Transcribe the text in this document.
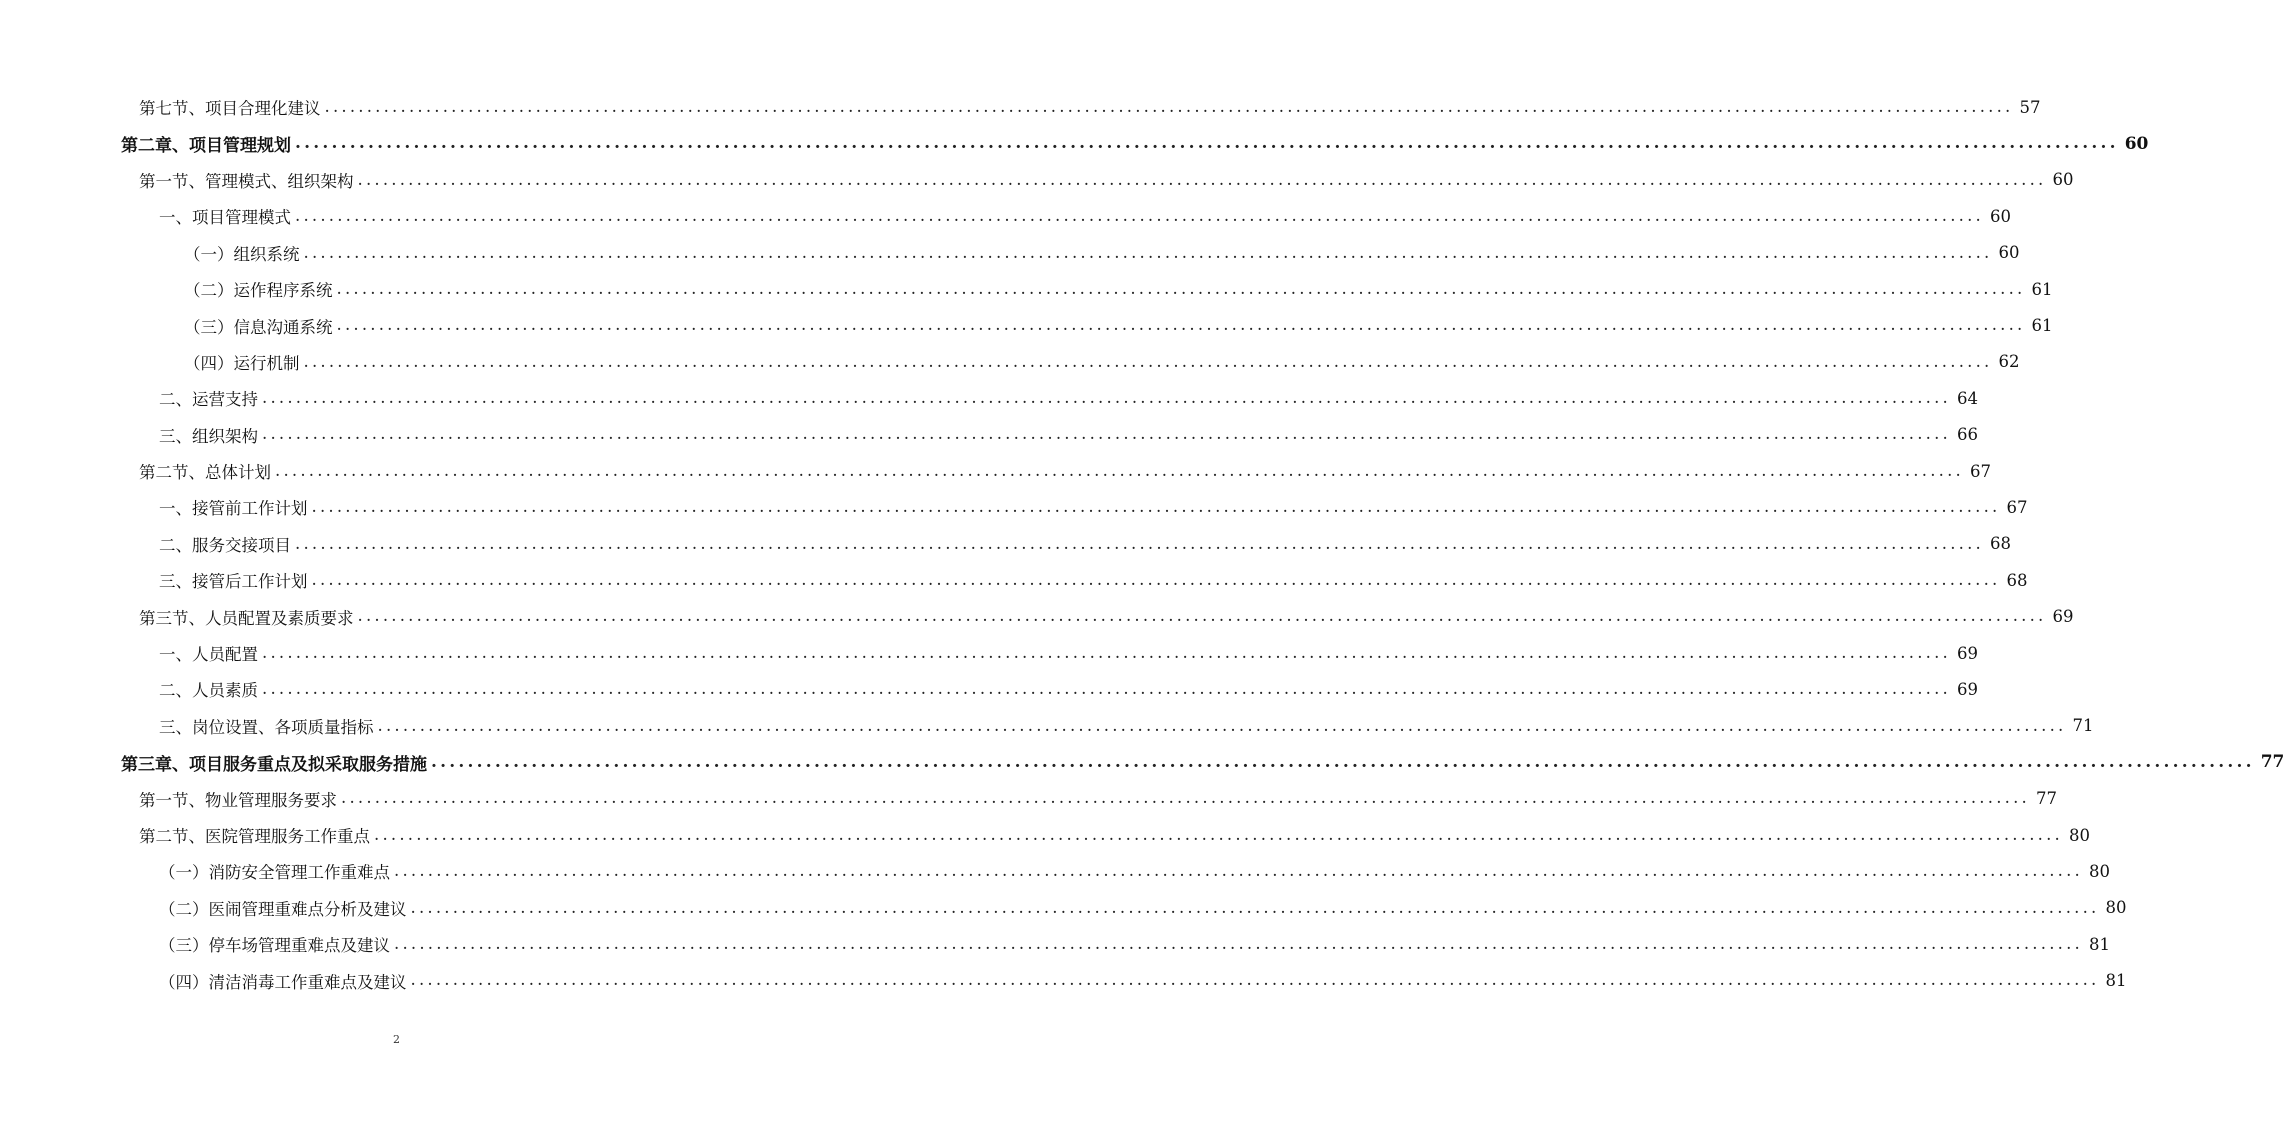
第七节、项目合理化建议 ........................................................................................................................................................................................................ 57
第二章、项目管理规划 ........................................................................................................................................................................................................ 60
第一节、管理模式、组织架构 ........................................................................................................................................................................................................ 60
一、项目管理模式 ........................................................................................................................................................................................................ 60
（一）组织系统 ........................................................................................................................................................................................................ 60
（二）运作程序系统 ........................................................................................................................................................................................................ 61
（三）信息沟通系统 ........................................................................................................................................................................................................ 61
（四）运行机制 ........................................................................................................................................................................................................ 62
二、运营支持 ........................................................................................................................................................................................................ 64
三、组织架构 ........................................................................................................................................................................................................ 66
第二节、总体计划 ........................................................................................................................................................................................................ 67
一、接管前工作计划 ........................................................................................................................................................................................................ 67
二、服务交接项目 ........................................................................................................................................................................................................ 68
三、接管后工作计划 ........................................................................................................................................................................................................ 68
第三节、人员配置及素质要求 ........................................................................................................................................................................................................ 69
一、人员配置 ........................................................................................................................................................................................................ 69
二、人员素质 ........................................................................................................................................................................................................ 69
三、岗位设置、各项质量指标 ........................................................................................................................................................................................................ 71
第三章、项目服务重点及拟采取服务措施 ........................................................................................................................................................................................................ 77
第一节、物业管理服务要求 ........................................................................................................................................................................................................ 77
第二节、医院管理服务工作重点 ........................................................................................................................................................................................................ 80
（一）消防安全管理工作重难点 ........................................................................................................................................................................................................ 80
（二）医闹管理重难点分析及建议 ........................................................................................................................................................................................................ 80
（三）停车场管理重难点及建议 ........................................................................................................................................................................................................ 81
（四）清洁消毒工作重难点及建议 ........................................................................................................................................................................................................ 81
2
